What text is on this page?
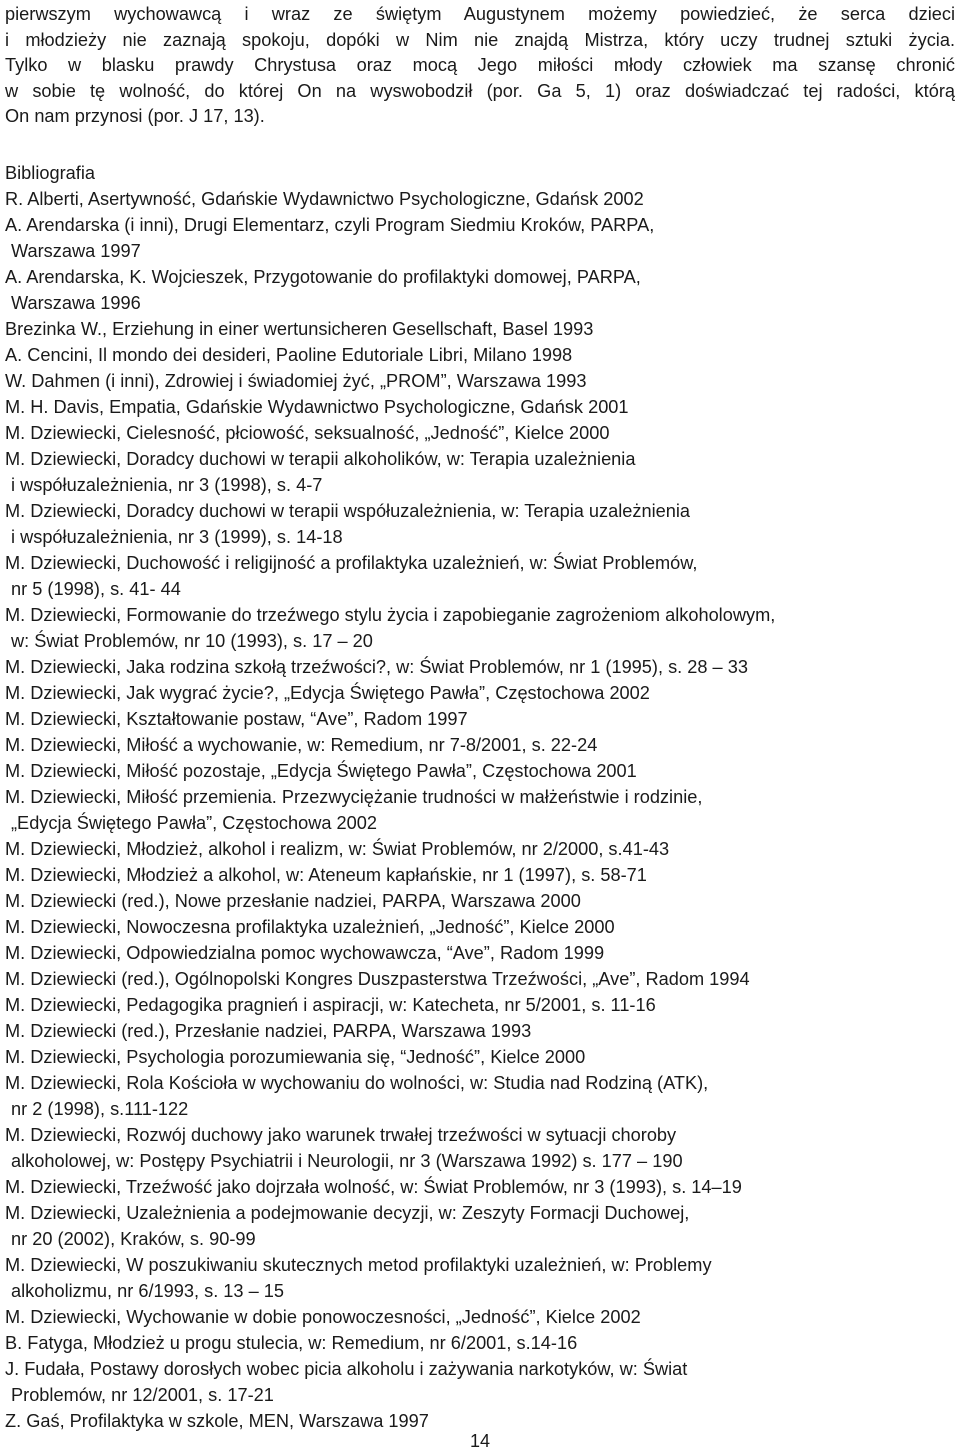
pierwszym wychowawcą i wraz ze świętym Augustynem możemy powiedzieć, że serca dzieci
i młodzieży nie zaznają spokoju, dopóki w Nim nie znajdą Mistrza, który uczy trudnej sztuki życia.
Tylko w blasku prawdy Chrystusa oraz mocą Jego miłości młody człowiek ma szansę chronić
w sobie tę wolność, do której On na wyswobodził (por. Ga 5, 1) oraz doświadczać tej radości, którą
On nam przynosi (por. J 17, 13).
Bibliografia
R. Alberti, Asertywność, Gdańskie Wydawnictwo Psychologiczne, Gdańsk 2002
A. Arendarska (i inni), Drugi Elementarz, czyli Program Siedmiu Kroków, PARPA,
Warszawa 1997
A. Arendarska, K. Wojcieszek, Przygotowanie do profilaktyki domowej, PARPA,
Warszawa 1996
Brezinka W., Erziehung in einer wertunsicheren Gesellschaft, Basel 1993
A. Cencini, Il mondo dei desideri, Paoline Edutoriale Libri, Milano 1998
W. Dahmen (i inni), Zdrowiej i świadomiej żyć, „PROM”, Warszawa 1993
M. H. Davis, Empatia, Gdańskie Wydawnictwo Psychologiczne, Gdańsk 2001
M. Dziewiecki, Cielesność, płciowość, seksualność, „Jedność”, Kielce 2000
M. Dziewiecki, Doradcy duchowi w terapii alkoholików, w: Terapia uzależnienia
i współuzależnienia, nr 3 (1998), s. 4-7
M. Dziewiecki, Doradcy duchowi w terapii współuzależnienia, w: Terapia uzależnienia
i współuzależnienia, nr 3 (1999), s. 14-18
M. Dziewiecki, Duchowość i religijność a profilaktyka uzależnień, w: Świat Problemów,
nr 5 (1998), s. 41- 44
M. Dziewiecki, Formowanie do trzeźwego stylu życia i zapobieganie zagrożeniom alkoholowym,
w: Świat Problemów, nr 10 (1993), s. 17 – 20
M. Dziewiecki, Jaka rodzina szkołą trzeźwości?, w: Świat Problemów, nr 1 (1995), s. 28 – 33
M. Dziewiecki, Jak wygrać życie?, „Edycja Świętego Pawła”, Częstochowa 2002
M. Dziewiecki, Kształtowanie postaw, “Ave”, Radom 1997
M. Dziewiecki, Miłość a wychowanie, w: Remedium, nr 7-8/2001, s. 22-24
M. Dziewiecki, Miłość pozostaje, „Edycja Świętego Pawła”, Częstochowa 2001
M. Dziewiecki, Miłość przemienia. Przezwyciężanie trudności w małżeństwie i rodzinie,
„Edycja Świętego Pawła”, Częstochowa 2002
M. Dziewiecki, Młodzież, alkohol i realizm, w: Świat Problemów, nr 2/2000, s.41-43
M. Dziewiecki, Młodzież a alkohol, w: Ateneum kapłańskie, nr 1 (1997), s. 58-71
M. Dziewiecki (red.), Nowe przesłanie nadziei, PARPA, Warszawa 2000
M. Dziewiecki, Nowoczesna profilaktyka uzależnień, „Jedność”, Kielce 2000
M. Dziewiecki, Odpowiedzialna pomoc wychowawcza, “Ave”, Radom 1999
M. Dziewiecki (red.), Ogólnopolski Kongres Duszpasterstwa Trzeźwości, „Ave”, Radom 1994
M. Dziewiecki, Pedagogika pragnień i aspiracji, w: Katecheta, nr 5/2001, s. 11-16
M. Dziewiecki (red.), Przesłanie nadziei, PARPA, Warszawa 1993
M. Dziewiecki, Psychologia porozumiewania się, “Jedność”, Kielce 2000
M. Dziewiecki, Rola Kościoła w wychowaniu do wolności, w: Studia nad Rodziną (ATK),
nr 2 (1998), s.111-122
M. Dziewiecki, Rozwój duchowy jako warunek trwałej trzeźwości w sytuacji choroby
alkoholowej, w: Postępy Psychiatrii i Neurologii, nr 3 (Warszawa 1992) s. 177 – 190
M. Dziewiecki, Trzeźwość jako dojrzała wolność, w: Świat Problemów, nr 3 (1993), s. 14–19
M. Dziewiecki, Uzależnienia a podejmowanie decyzji, w: Zeszyty Formacji Duchowej,
nr 20 (2002), Kraków, s. 90-99
M. Dziewiecki, W poszukiwaniu skutecznych metod profilaktyki uzależnień, w: Problemy
alkoholizmu, nr 6/1993, s. 13 – 15
M. Dziewiecki, Wychowanie w dobie ponowoczesności, „Jedność”, Kielce 2002
B. Fatyga, Młodzież u progu stulecia, w: Remedium, nr 6/2001, s.14-16
J. Fudała, Postawy dorosłych wobec picia alkoholu i zażywania narkotyków, w: Świat
Problemów, nr 12/2001, s. 17-21
Z. Gaś, Profilaktyka w szkole, MEN, Warszawa 1997
14
